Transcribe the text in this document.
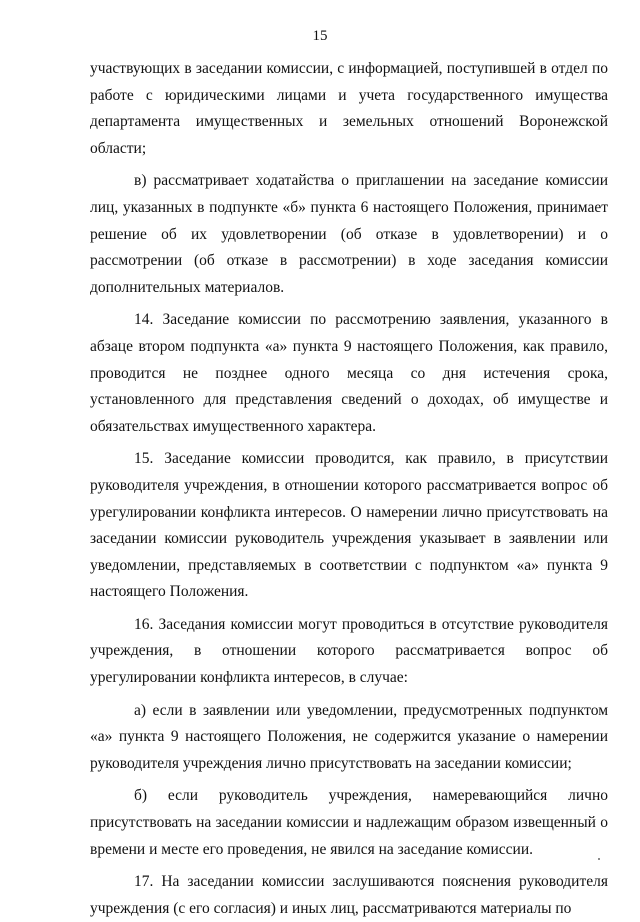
15

участвующих в заседании комиссии, с информацией, поступившей в отдел по работе с юридическими лицами и учета государственного имущества департамента имущественных и земельных отношений Воронежской области;

в) рассматривает ходатайства о приглашении на заседание комиссии лиц, указанных в подпункте «б» пункта 6 настоящего Положения, принимает решение об их удовлетворении (об отказе в удовлетворении) и о рассмотрении (об отказе в рассмотрении) в ходе заседания комиссии дополнительных материалов.

14. Заседание комиссии по рассмотрению заявления, указанного в абзаце втором подпункта «а» пункта 9 настоящего Положения, как правило, проводится не позднее одного месяца со дня истечения срока, установленного для представления сведений о доходах, об имуществе и обязательствах имущественного характера.

15. Заседание комиссии проводится, как правило, в присутствии руководителя учреждения, в отношении которого рассматривается вопрос об урегулировании конфликта интересов. О намерении лично присутствовать на заседании комиссии руководитель учреждения указывает в заявлении или уведомлении, представляемых в соответствии с подпунктом «а» пункта 9 настоящего Положения.

16. Заседания комиссии могут проводиться в отсутствие руководителя учреждения, в отношении которого рассматривается вопрос об урегулировании конфликта интересов, в случае:

а) если в заявлении или уведомлении, предусмотренных подпунктом «а» пункта 9 настоящего Положения, не содержится указание о намерении руководителя учреждения лично присутствовать на заседании комиссии;

б) если руководитель учреждения, намеревающийся лично присутствовать на заседании комиссии и надлежащим образом извещенный о времени и месте его проведения, не явился на заседание комиссии.

17. На заседании комиссии заслушиваются пояснения руководителя учреждения (с его согласия) и иных лиц, рассматриваются материалы по
